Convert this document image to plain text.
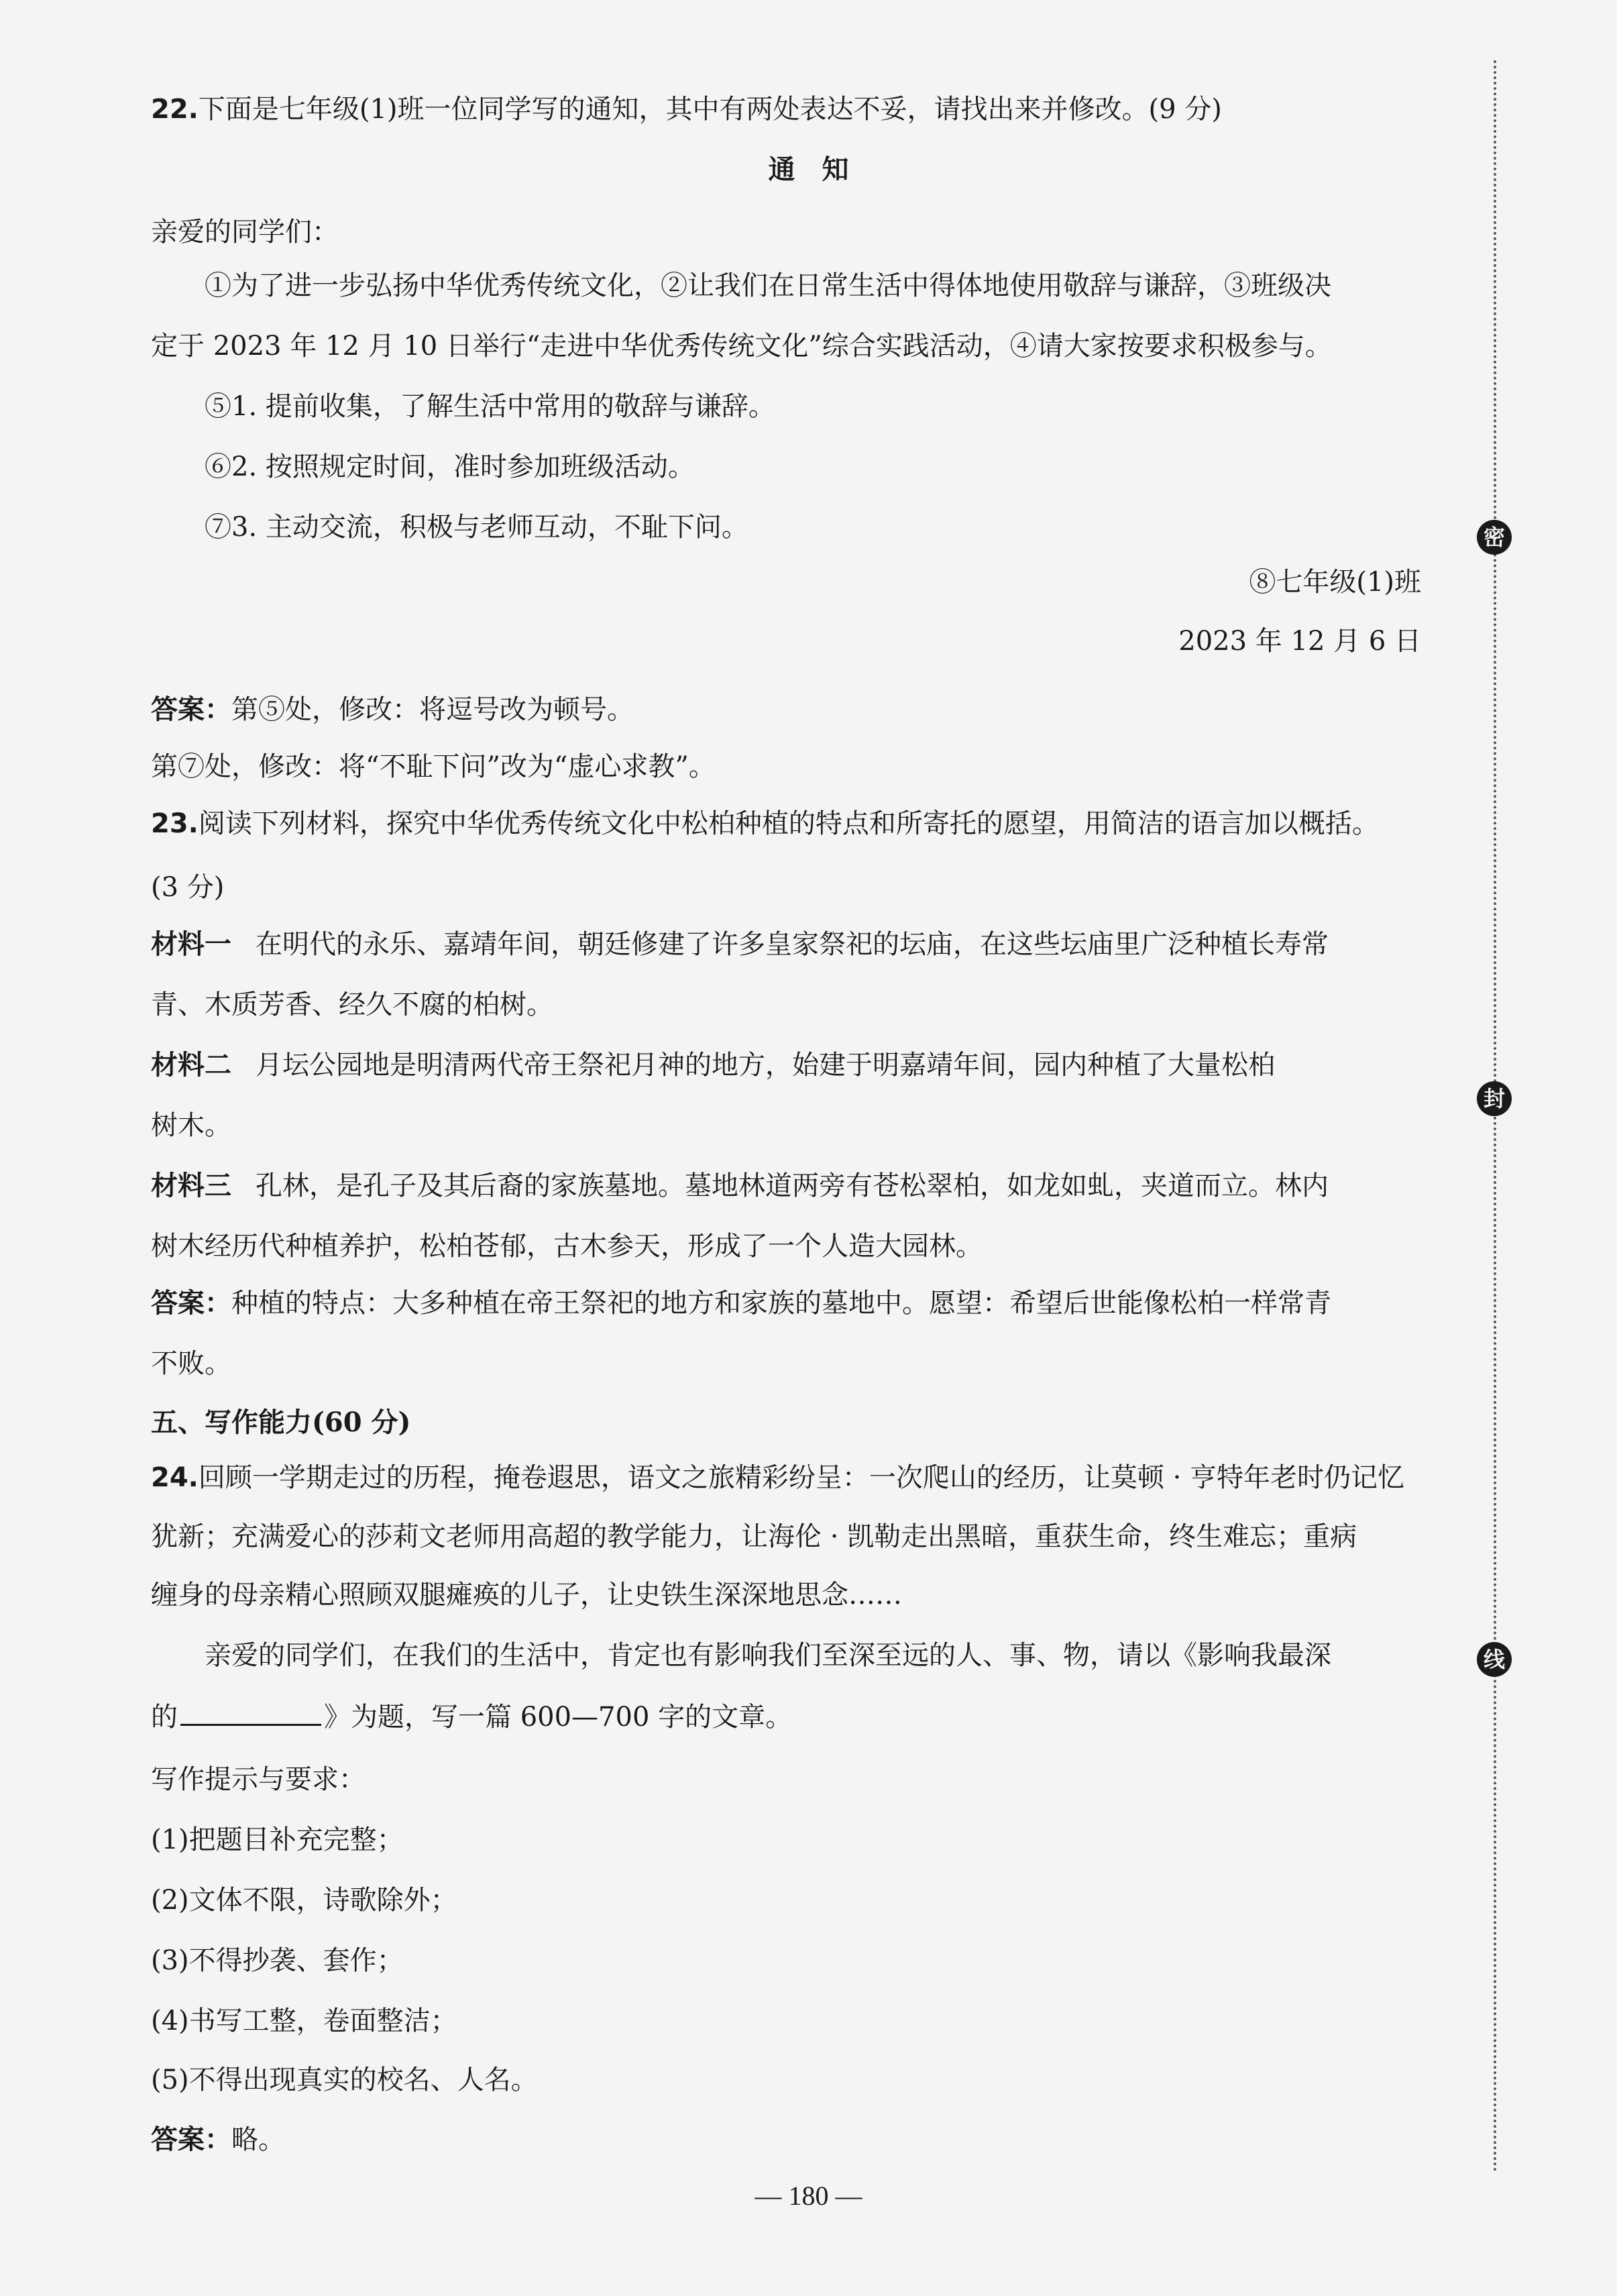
22.下面是七年级(1)班一位同学写的通知，其中有两处表达不妥，请找出来并修改。(9 分)
通　知
亲爱的同学们：
①为了进一步弘扬中华优秀传统文化，②让我们在日常生活中得体地使用敬辞与谦辞，③班级决
定于 2023 年 12 月 10 日举行“走进中华优秀传统文化”综合实践活动，④请大家按要求积极参与。
⑤1. 提前收集，了解生活中常用的敬辞与谦辞。
⑥2. 按照规定时间，准时参加班级活动。
⑦3. 主动交流，积极与老师互动，不耻下问。
⑧七年级(1)班
2023 年 12 月 6 日
答案：第⑤处，修改：将逗号改为顿号。
第⑦处，修改：将“不耻下问”改为“虚心求教”。
23.阅读下列材料，探究中华优秀传统文化中松柏种植的特点和所寄托的愿望，用简洁的语言加以概括。
(3 分)
材料一 在明代的永乐、嘉靖年间，朝廷修建了许多皇家祭祀的坛庙，在这些坛庙里广泛种植长寿常
青、木质芳香、经久不腐的柏树。
材料二 月坛公园地是明清两代帝王祭祀月神的地方，始建于明嘉靖年间，园内种植了大量松柏
树木。
材料三 孔林，是孔子及其后裔的家族墓地。墓地林道两旁有苍松翠柏，如龙如虬，夹道而立。林内
树木经历代种植养护，松柏苍郁，古木参天，形成了一个人造大园林。
答案：种植的特点：大多种植在帝王祭祀的地方和家族的墓地中。愿望：希望后世能像松柏一样常青
不败。
五、写作能力(60 分)
24.回顾一学期走过的历程，掩卷遐思，语文之旅精彩纷呈：一次爬山的经历，让莫顿 · 亨特年老时仍记忆
犹新；充满爱心的莎莉文老师用高超的教学能力，让海伦 · 凯勒走出黑暗，重获生命，终生难忘；重病
缠身的母亲精心照顾双腿瘫痪的儿子，让史铁生深深地思念……
亲爱的同学们，在我们的生活中，肯定也有影响我们至深至远的人、事、物，请以《影响我最深
的	》为题，写一篇 600—700 字的文章。
写作提示与要求：
(1)把题目补充完整；
(2)文体不限，诗歌除外；
(3)不得抄袭、套作；
(4)书写工整，卷面整洁；
(5)不得出现真实的校名、人名。
答案：略。
密
封
线
— 180 —
